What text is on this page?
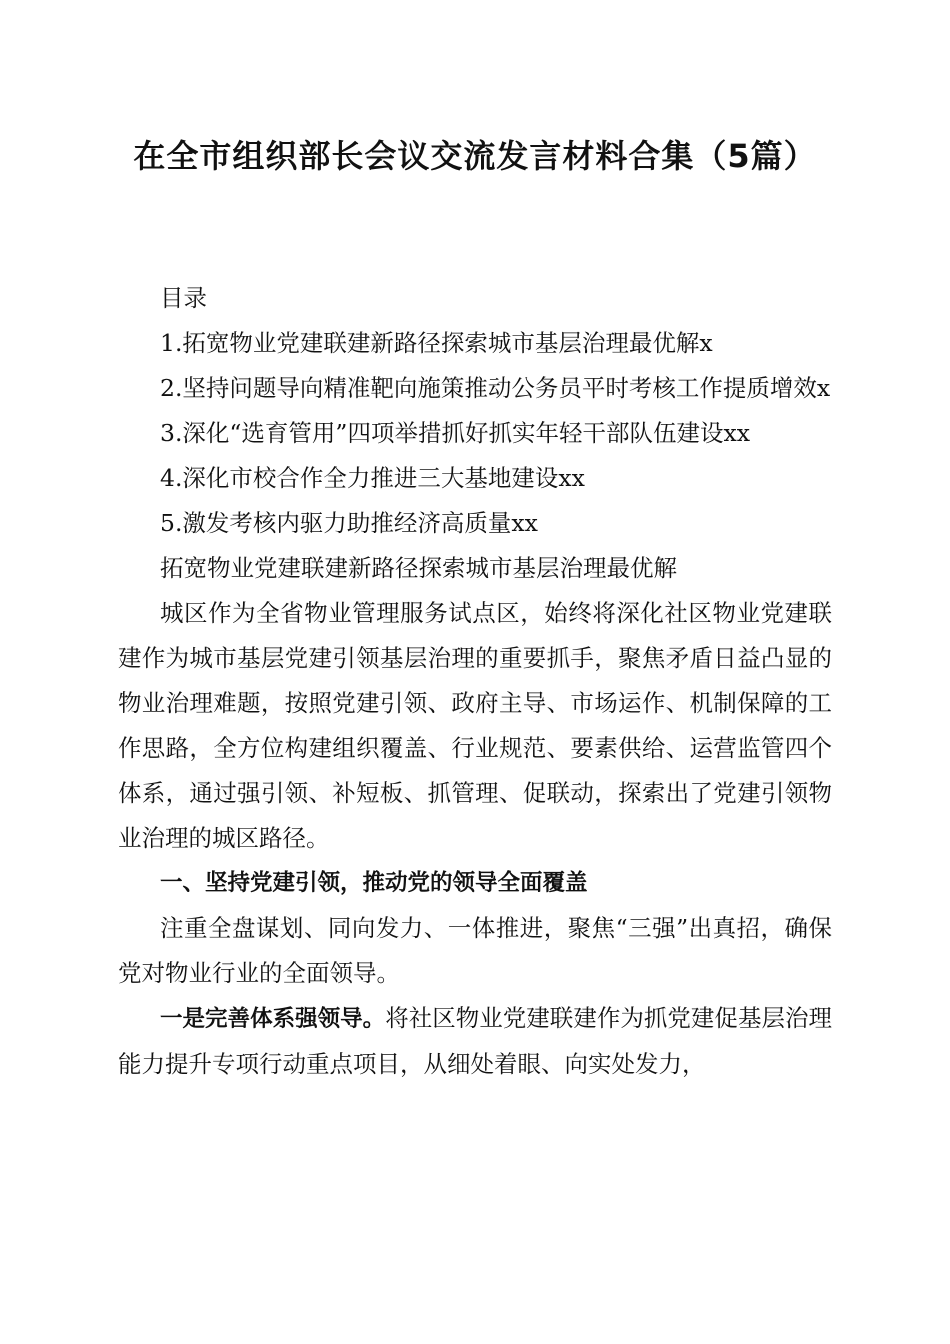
在全市组织部长会议交流发言材料合集（5篇）

目录

1.拓宽物业党建联建新路径探索城市基层治理最优解x

2.坚持问题导向精准靶向施策推动公务员平时考核工作提质增效x

3.深化“选育管用”四项举措抓好抓实年轻干部队伍建设xx

4.深化市校合作全力推进三大基地建设xx

5.激发考核内驱力助推经济高质量xx

拓宽物业党建联建新路径探索城市基层治理最优解

城区作为全省物业管理服务试点区，始终将深化社区物业党建联建作为城市基层党建引领基层治理的重要抓手，聚焦矛盾日益凸显的物业治理难题，按照党建引领、政府主导、市场运作、机制保障的工作思路，全方位构建组织覆盖、行业规范、要素供给、运营监管四个体系，通过强引领、补短板、抓管理、促联动，探索出了党建引领物业治理的城区路径。

一、坚持党建引领，推动党的领导全面覆盖

注重全盘谋划、同向发力、一体推进，聚焦“三强”出真招，确保党对物业行业的全面领导。

一是完善体系强领导。将社区物业党建联建作为抓党建促基层治理能力提升专项行动重点项目，从细处着眼、向实处发力，
